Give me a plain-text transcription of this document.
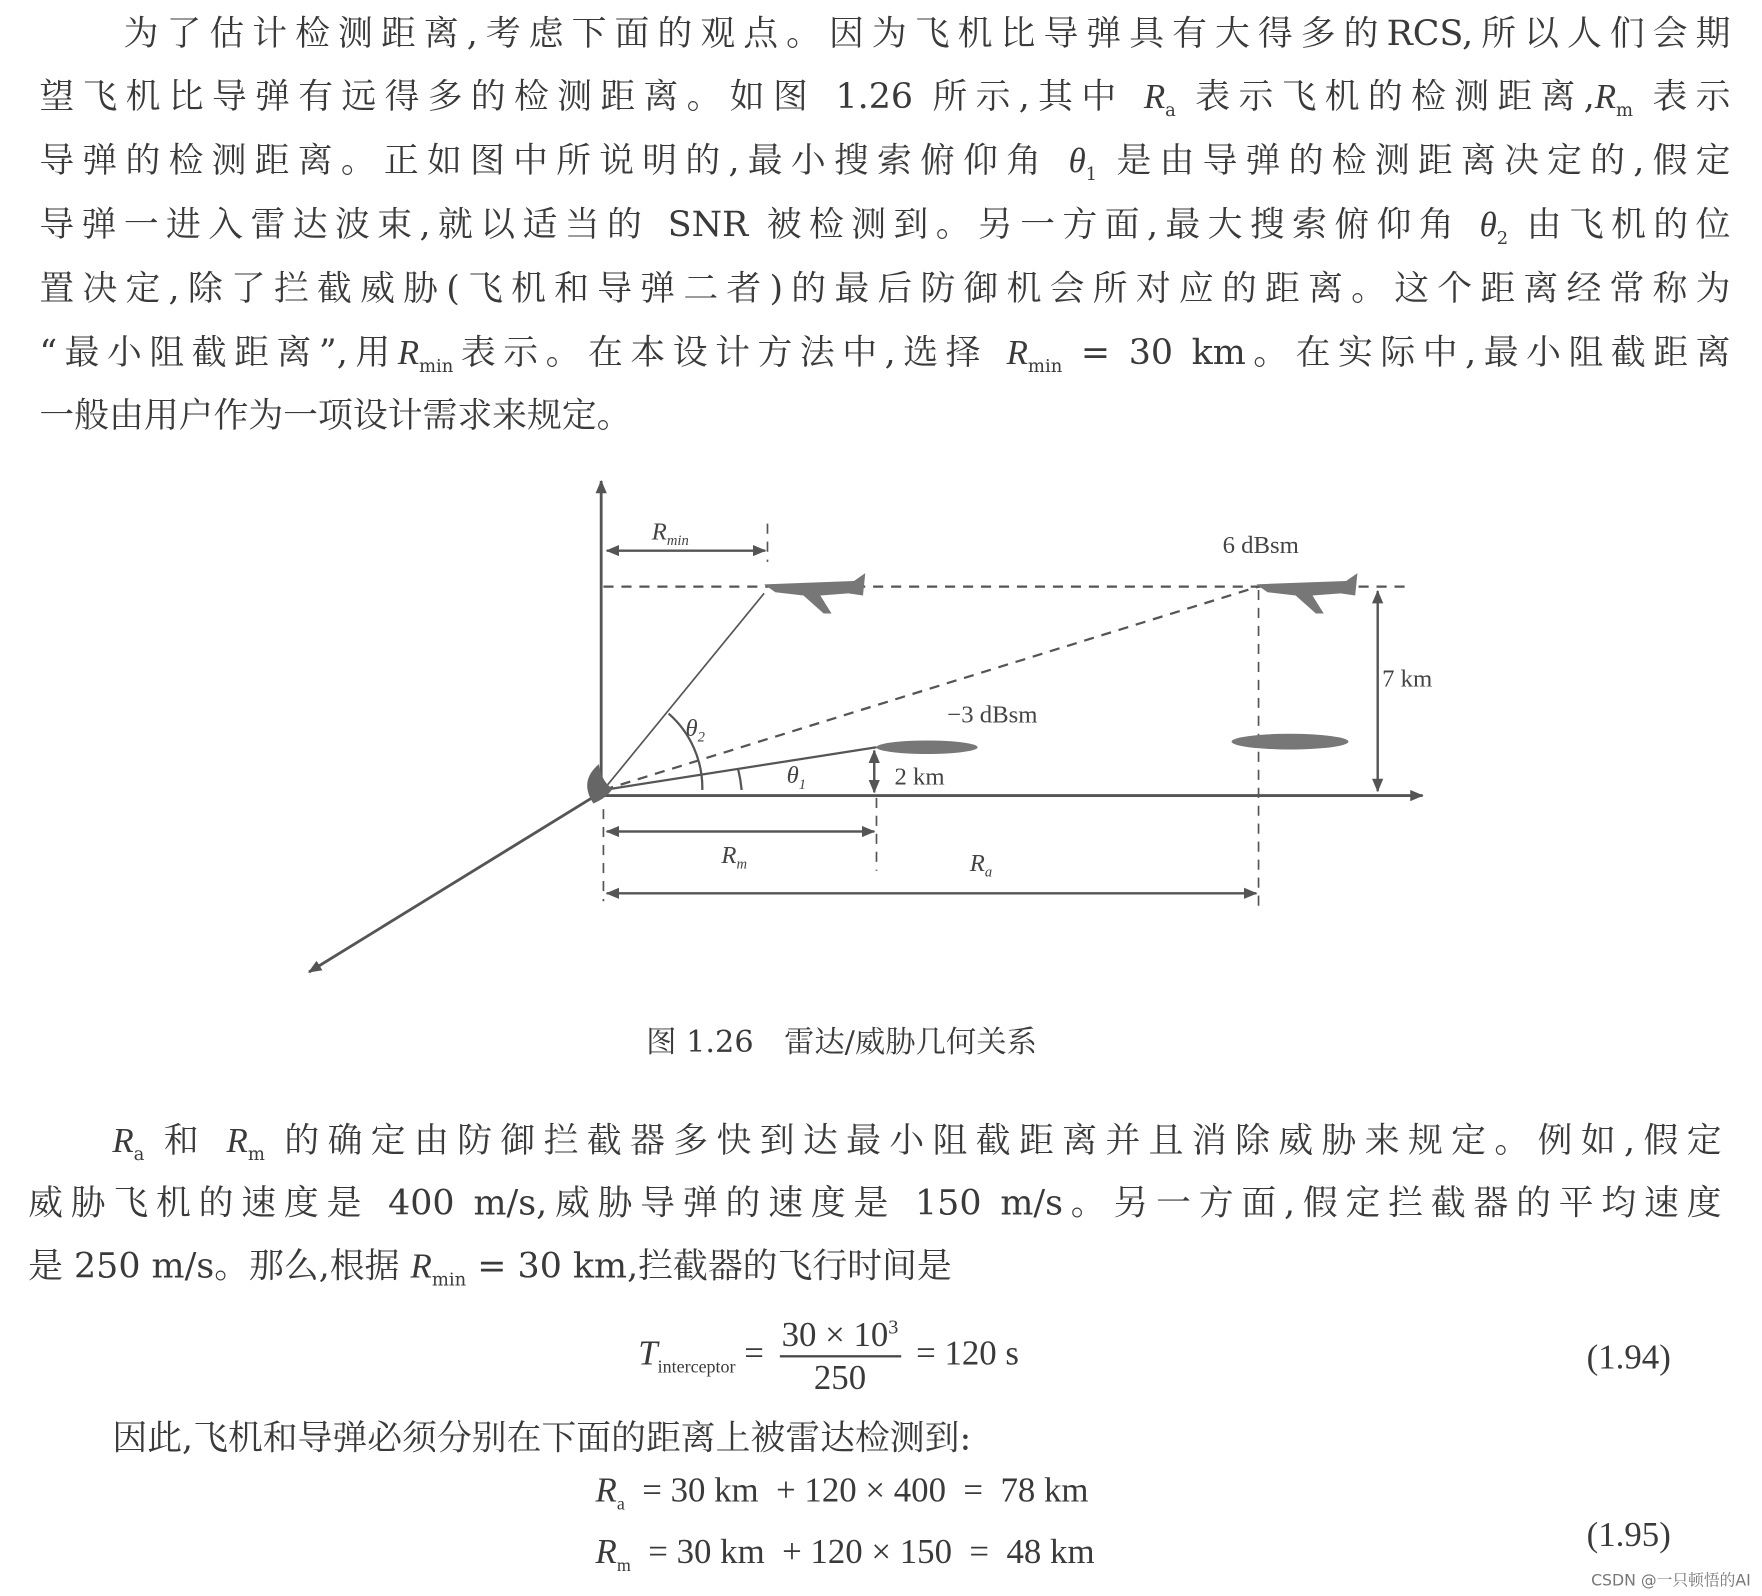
为了估计检测距离,考虑下面的观点。因为飞机比导弹具有大得多的RCS,所以人们会期
望飞机比导弹有远得多的检测距离。如图 1.26 所示,其中 $R_a$ 表示飞机的检测距离$,R_m$ 表示
导弹的检测距离。正如图中所说明的,最小搜索俯仰角 $\theta_1$ 是由导弹的检测距离决定的,假定
导弹一进入雷达波束,就以适当的 SNR 被检测到。另一方面,最大搜索俯仰角 $\theta_2$ 由飞机的位
置决定,除了拦截威胁(飞机和导弹二者)的最后防御机会所对应的距离。这个距离经常称为
“最小阻截距离”,用$R_{min}$表示。在本设计方法中,选择 $R_{min} = 30$ km。在实际中,最小阻截距离
一般由用户作为一项设计需求来规定。
$R_{min}$	6 dBsm
−3 dBsm
7 km
2 km
$\theta_2$
$\theta_1$
$R_m$	$R_a$
图 1.26　雷达/威胁几何关系
$R_a$ 和 $R_m$ 的确定由防御拦截器多快到达最小阻截距离并且消除威胁来规定。例如,假定
威胁飞机的速度是 400 m/s,威胁导弹的速度是 150 m/s。另一方面,假定拦截器的平均速度
是 250 m/s。那么,根据 $R_{min} = 30$ km,拦截器的飞行时间是
$T_{interceptor} = \frac{30 \times 10^3}{250} = 120$ s	(1.94)
因此,飞机和导弹必须分别在下面的距离上被雷达检测到:
$R_a = 30$ km  + 120 × 400  =  78 km
$R_m = 30$ km  + 120 × 150  =  48 km	(1.95)
CSDN @一只顿悟的AI
